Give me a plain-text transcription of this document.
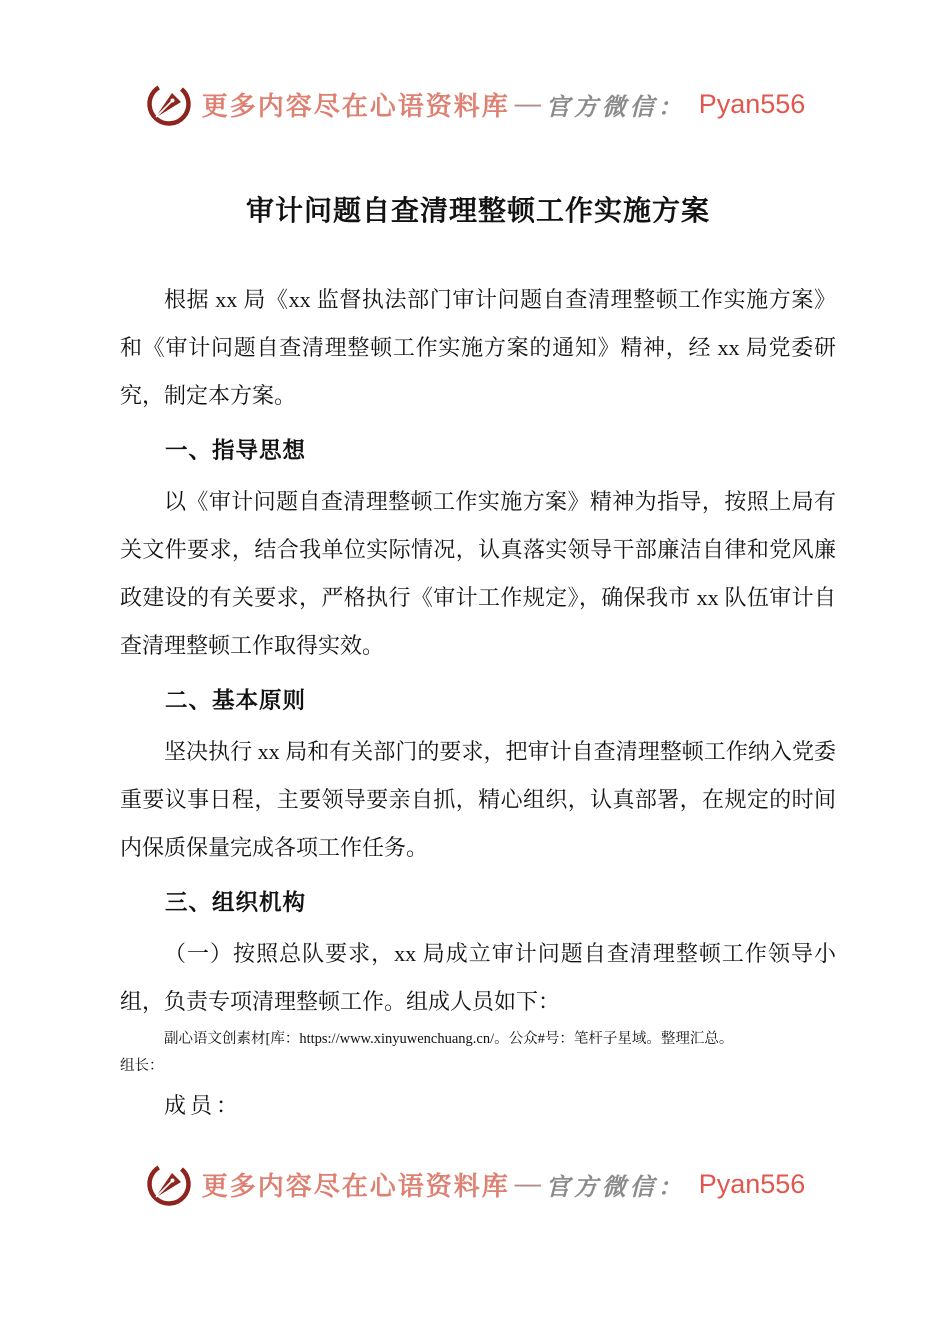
更多内容尽在心语资料库 — 官方微信： Pyan556
审计问题自查清理整顿工作实施方案

根据 xx 局《xx 监督执法部门审计问题自查清理整顿工作实施方案》和《审计问题自查清理整顿工作实施方案的通知》精神，经 xx 局党委研究，制定本方案。

一、指导思想

以《审计问题自查清理整顿工作实施方案》精神为指导，按照上局有关文件要求，结合我单位实际情况，认真落实领导干部廉洁自律和党风廉政建设的有关要求，严格执行《审计工作规定》，确保我市 xx 队伍审计自查清理整顿工作取得实效。

二、基本原则

坚决执行 xx 局和有关部门的要求，把审计自查清理整顿工作纳入党委重要议事日程，主要领导要亲自抓，精心组织，认真部署，在规定的时间内保质保量完成各项工作任务。

三、组织机构

（一）按照总队要求，xx 局成立审计问题自查清理整顿工作领导小组，负责专项清理整顿工作。组成人员如下：

副心语文创素材[库：https://www.xinyuwenchuang.cn/。公众#号：笔杆子星域。整理汇总。

组长：

成员：

更多内容尽在心语资料库 — 官方微信： Pyan556
